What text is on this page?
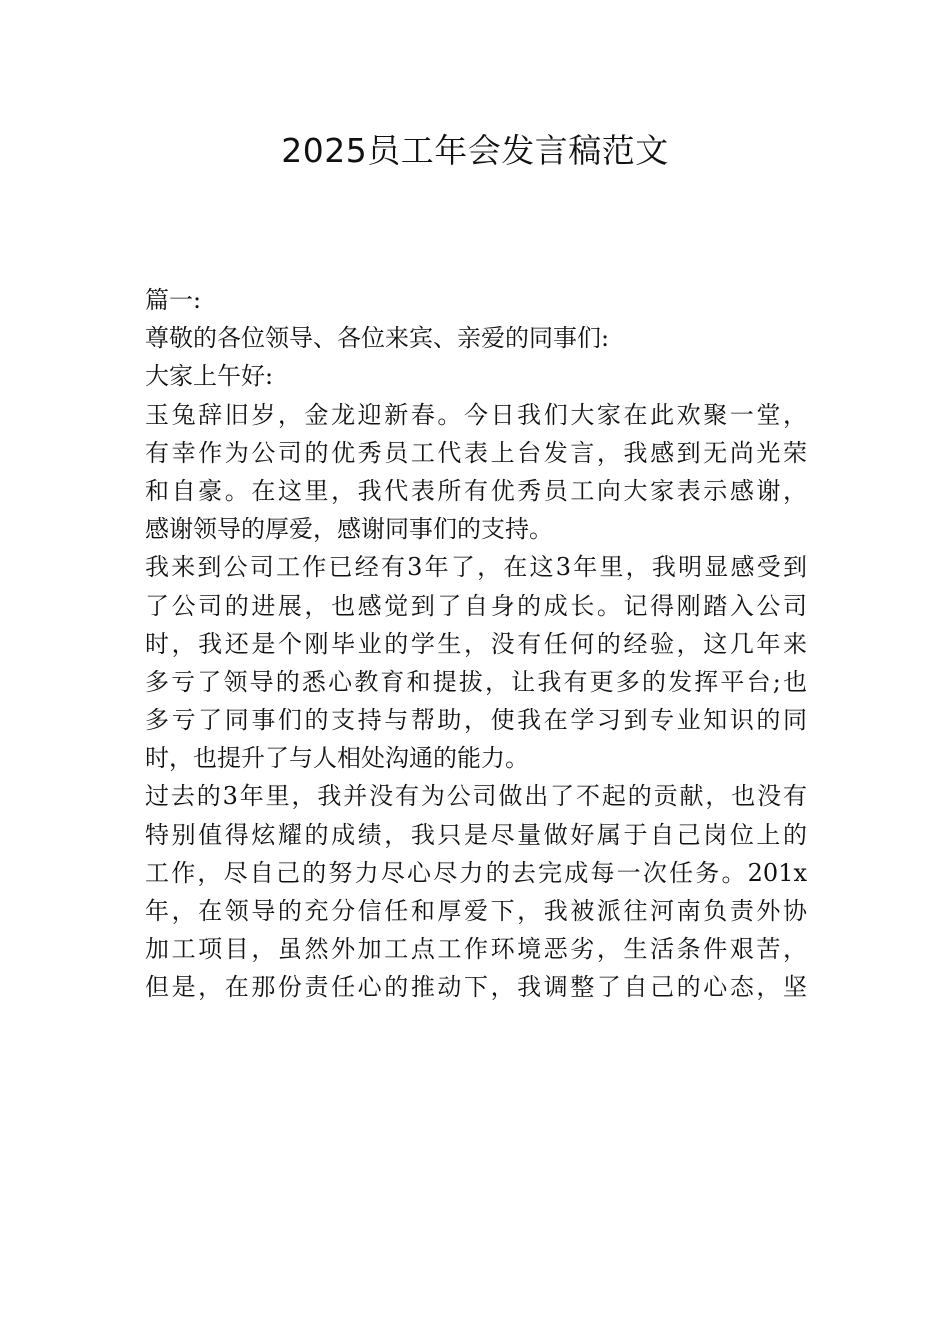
2025员工年会发言稿范文
篇一:
尊敬的各位领导、各位来宾、亲爱的同事们:
大家上午好:
玉兔辞旧岁，金龙迎新春。今日我们大家在此欢聚一堂，
有幸作为公司的优秀员工代表上台发言，我感到无尚光荣
和自豪。在这里，我代表所有优秀员工向大家表示感谢，
感谢领导的厚爱，感谢同事们的支持。
我来到公司工作已经有3年了，在这3年里，我明显感受到
了公司的进展，也感觉到了自身的成长。记得刚踏入公司
时，我还是个刚毕业的学生，没有任何的经验，这几年来
多亏了领导的悉心教育和提拔，让我有更多的发挥平台;也
多亏了同事们的支持与帮助，使我在学习到专业知识的同
时，也提升了与人相处沟通的能力。
过去的3年里，我并没有为公司做出了不起的贡献，也没有
特别值得炫耀的成绩，我只是尽量做好属于自己岗位上的
工作，尽自己的努力尽心尽力的去完成每一次任务。201x
年，在领导的充分信任和厚爱下，我被派往河南负责外协
加工项目，虽然外加工点工作环境恶劣，生活条件艰苦，
但是，在那份责任心的推动下，我调整了自己的心态，坚
